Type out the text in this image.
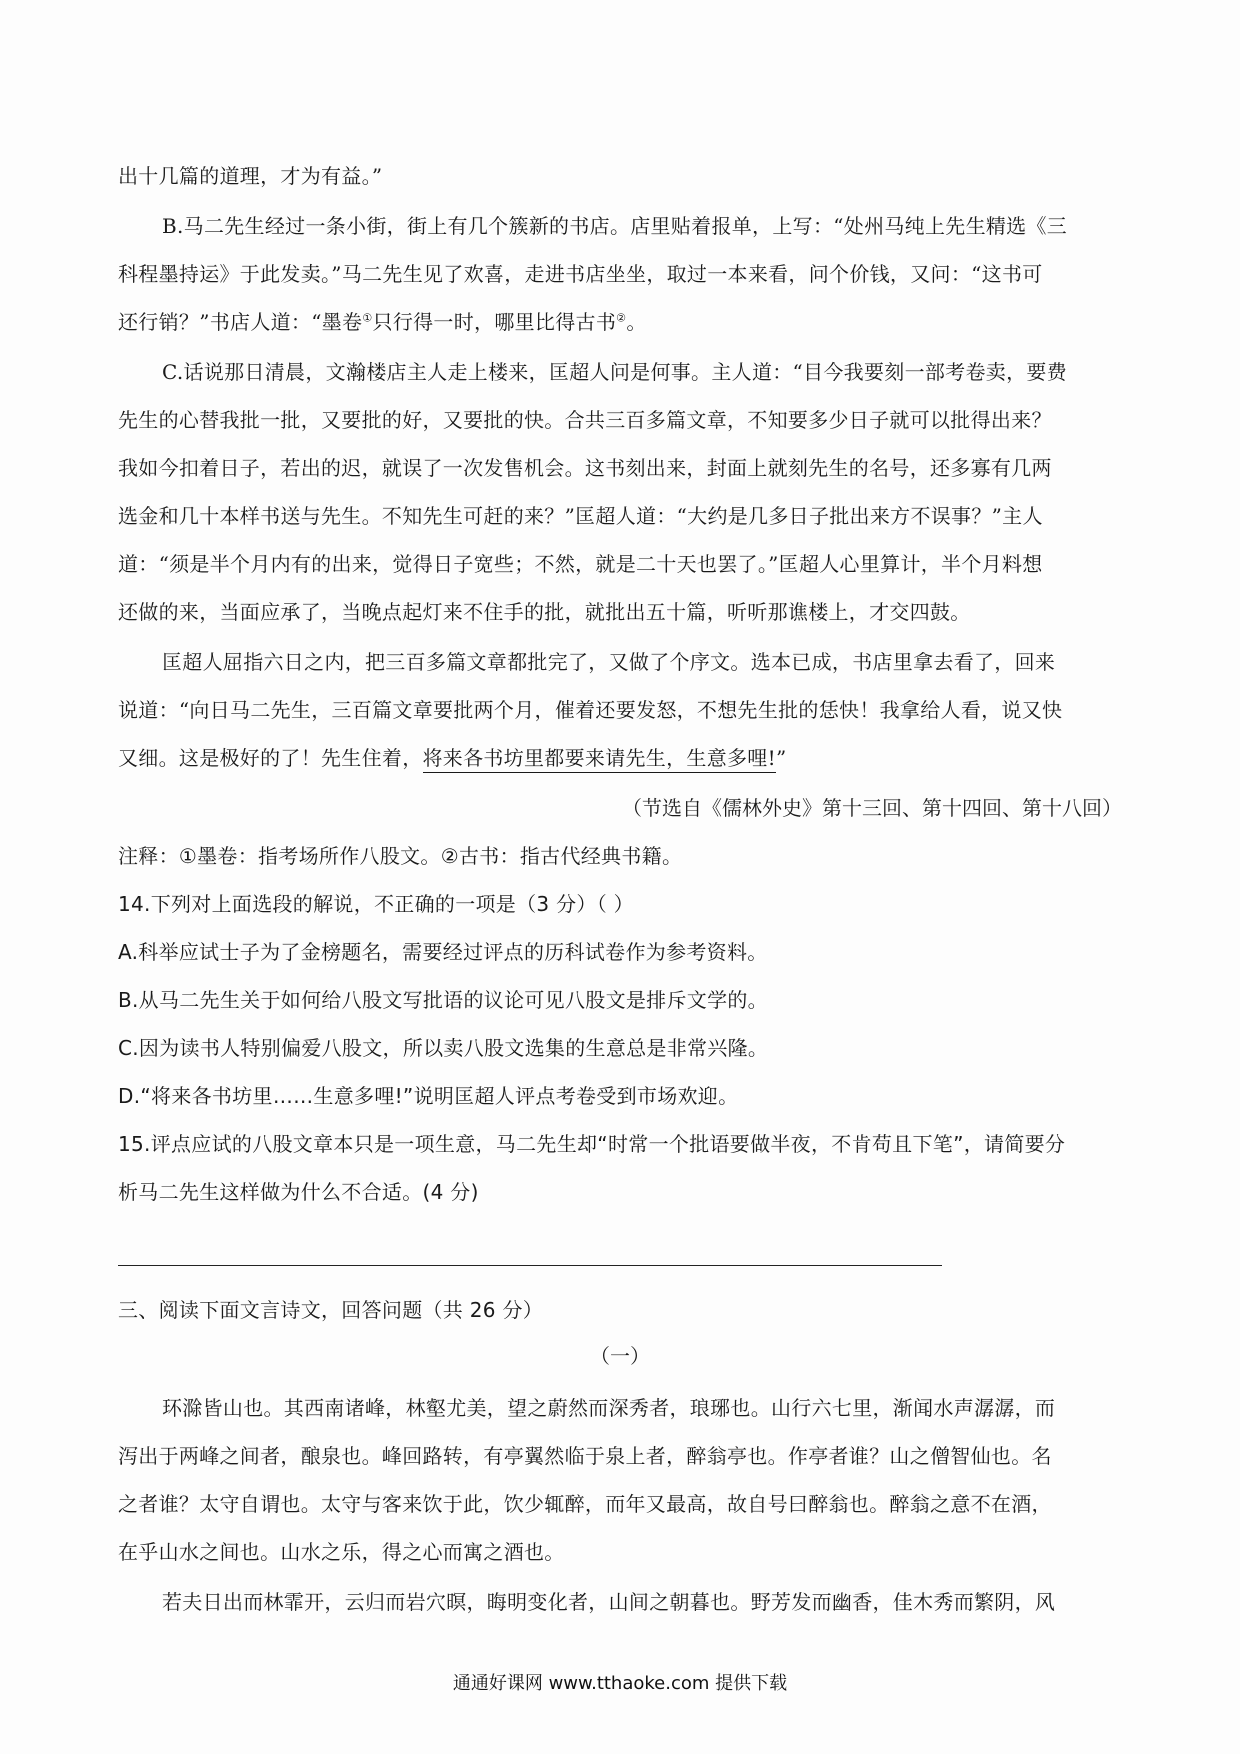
出十几篇的道理，才为有益。”
B.马二先生经过一条小街，街上有几个簇新的书店。店里贴着报单，上写：“处州马纯上先生精选《三
科程墨持运》于此发卖。”马二先生见了欢喜，走进书店坐坐，取过一本来看，问个价钱，又问：“这书可
还行销？”书店人道：“墨卷①只行得一时，哪里比得古书②。
C.话说那日清晨，文瀚楼店主人走上楼来，匡超人问是何事。主人道：“目今我要刻一部考卷卖，要费
先生的心替我批一批，又要批的好，又要批的快。合共三百多篇文章，不知要多少日子就可以批得出来？
我如今扣着日子，若出的迟，就误了一次发售机会。这书刻出来，封面上就刻先生的名号，还多寡有几两
选金和几十本样书送与先生。不知先生可赶的来？”匡超人道：“大约是几多日子批出来方不误事？”主人
道：“须是半个月内有的出来，觉得日子宽些；不然，就是二十天也罢了。”匡超人心里算计，半个月料想
还做的来，当面应承了，当晚点起灯来不住手的批，就批出五十篇，听听那谯楼上，才交四鼓。
匡超人屈指六日之内，把三百多篇文章都批完了，又做了个序文。选本已成，书店里拿去看了，回来
说道：“向日马二先生，三百篇文章要批两个月，催着还要发怒，不想先生批的恁快！我拿给人看，说又快
又细。这是极好的了！先生住着，将来各书坊里都要来请先生，生意多哩!”
（节选自《儒林外史》第十三回、第十四回、第十八回）
注释：①墨卷：指考场所作八股文。②古书：指古代经典书籍。
14.下列对上面选段的解说，不正确的一项是（3 分）（ ）
A.科举应试士子为了金榜题名，需要经过评点的历科试卷作为参考资料。
B.从马二先生关于如何给八股文写批语的议论可见八股文是排斥文学的。
C.因为读书人特别偏爱八股文，所以卖八股文选集的生意总是非常兴隆。
D.“将来各书坊里……生意多哩!”说明匡超人评点考卷受到市场欢迎。
15.评点应试的八股文章本只是一项生意，马二先生却“时常一个批语要做半夜，不肯苟且下笔”，请简要分
析马二先生这样做为什么不合适。(4 分)
三、阅读下面文言诗文，回答问题（共 26 分）
（一）
环滁皆山也。其西南诸峰，林壑尤美，望之蔚然而深秀者，琅琊也。山行六七里，渐闻水声潺潺，而
泻出于两峰之间者，酿泉也。峰回路转，有亭翼然临于泉上者，醉翁亭也。作亭者谁？山之僧智仙也。名
之者谁？太守自谓也。太守与客来饮于此，饮少辄醉，而年又最高，故自号曰醉翁也。醉翁之意不在酒，
在乎山水之间也。山水之乐，得之心而寓之酒也。
若夫日出而林霏开，云归而岩穴暝，晦明变化者，山间之朝暮也。野芳发而幽香，佳木秀而繁阴，风
通通好课网 www.tthaoke.com 提供下载
